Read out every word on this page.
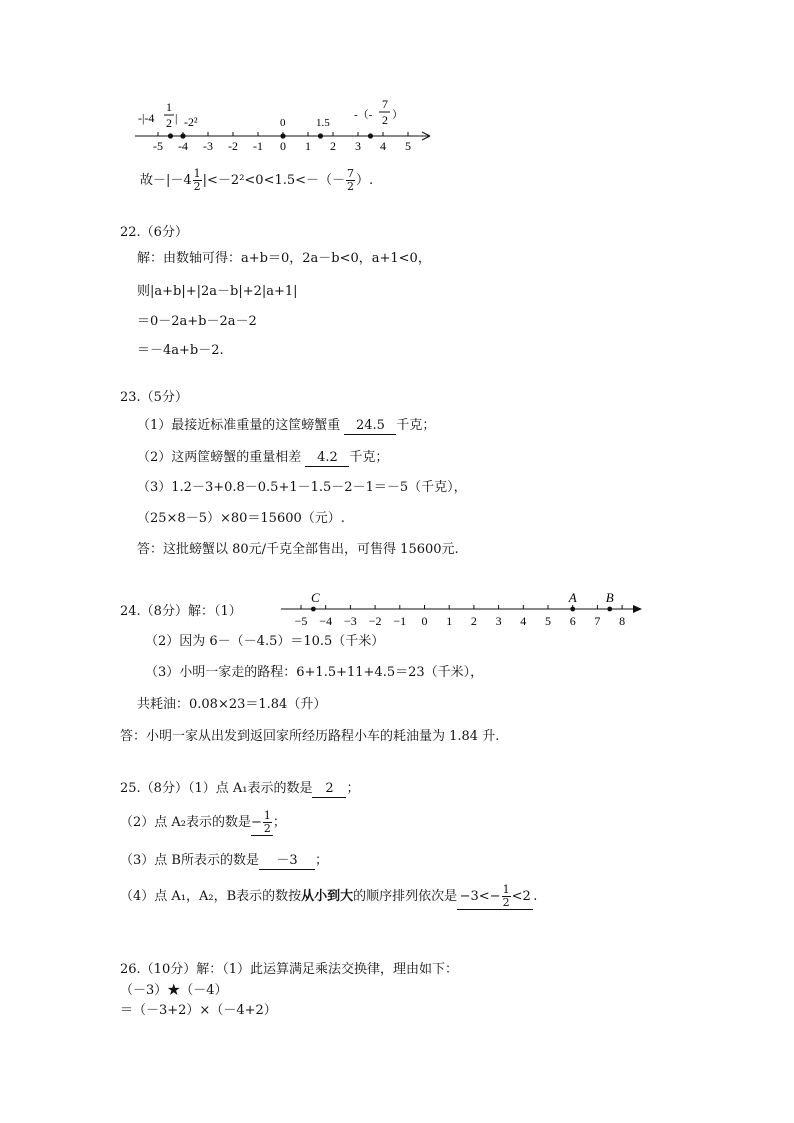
-5 -4 -3 -2 -1 0 1 2 3 4 5
-|-4
1
2 | -2²	0	1.5
-（-
7
2 ）
故$-|-4 \frac{1}{2} |<-2^2<0<1.5<-(- \frac{7}{2}$ ）.
22.（6分）
解：由数轴可得：a+b＝0，2a－b<0，a+1<0，
则|a+b|+|2a－b|+2|a+1|
＝0－2a+b－2a－2
＝－4a+b－2.
23.（5分）
（1）最接近标准重量的这筐螃蟹重 24.5 千克；
（2）这两筐螃蟹的重量相差 4.2 千克；
（3）1.2－3+0.8－0.5+1－1.5－2－1＝－5（千克），
（25×8－5）×80＝15600（元）.
答：这批螃蟹以 80元/千克全部售出，可售得 15600元.
24.（8分）解：（1）
−5 −4 −3 −2 −1 0 1 2 3 4 5 6 7 8
C	A B
（2）因为 6－（－4.5）＝10.5（千米）
（3）小明一家走的路程：6+1.5+11+4.5＝23（千米），
共耗油：0.08×23＝1.84（升）
答：小明一家从出发到返回家所经历路程小车的耗油量为 1.84 升.
25.（8分）（1）点 A₁表示的数是 2 ；
（2）点 A₂表示的数是− $\frac{1}{2}$ ；
（3）点 B所表示的数是 －3 ；
（4）点 A₁，A₂，B表示的数按从小到大的顺序排列依次是 $-3<- \frac{1}{2} <2$ .
26.（10分）解：（1）此运算满足乘法交换律，理由如下：
（－3）★（－4）
＝（－3+2）×（－4+2）
